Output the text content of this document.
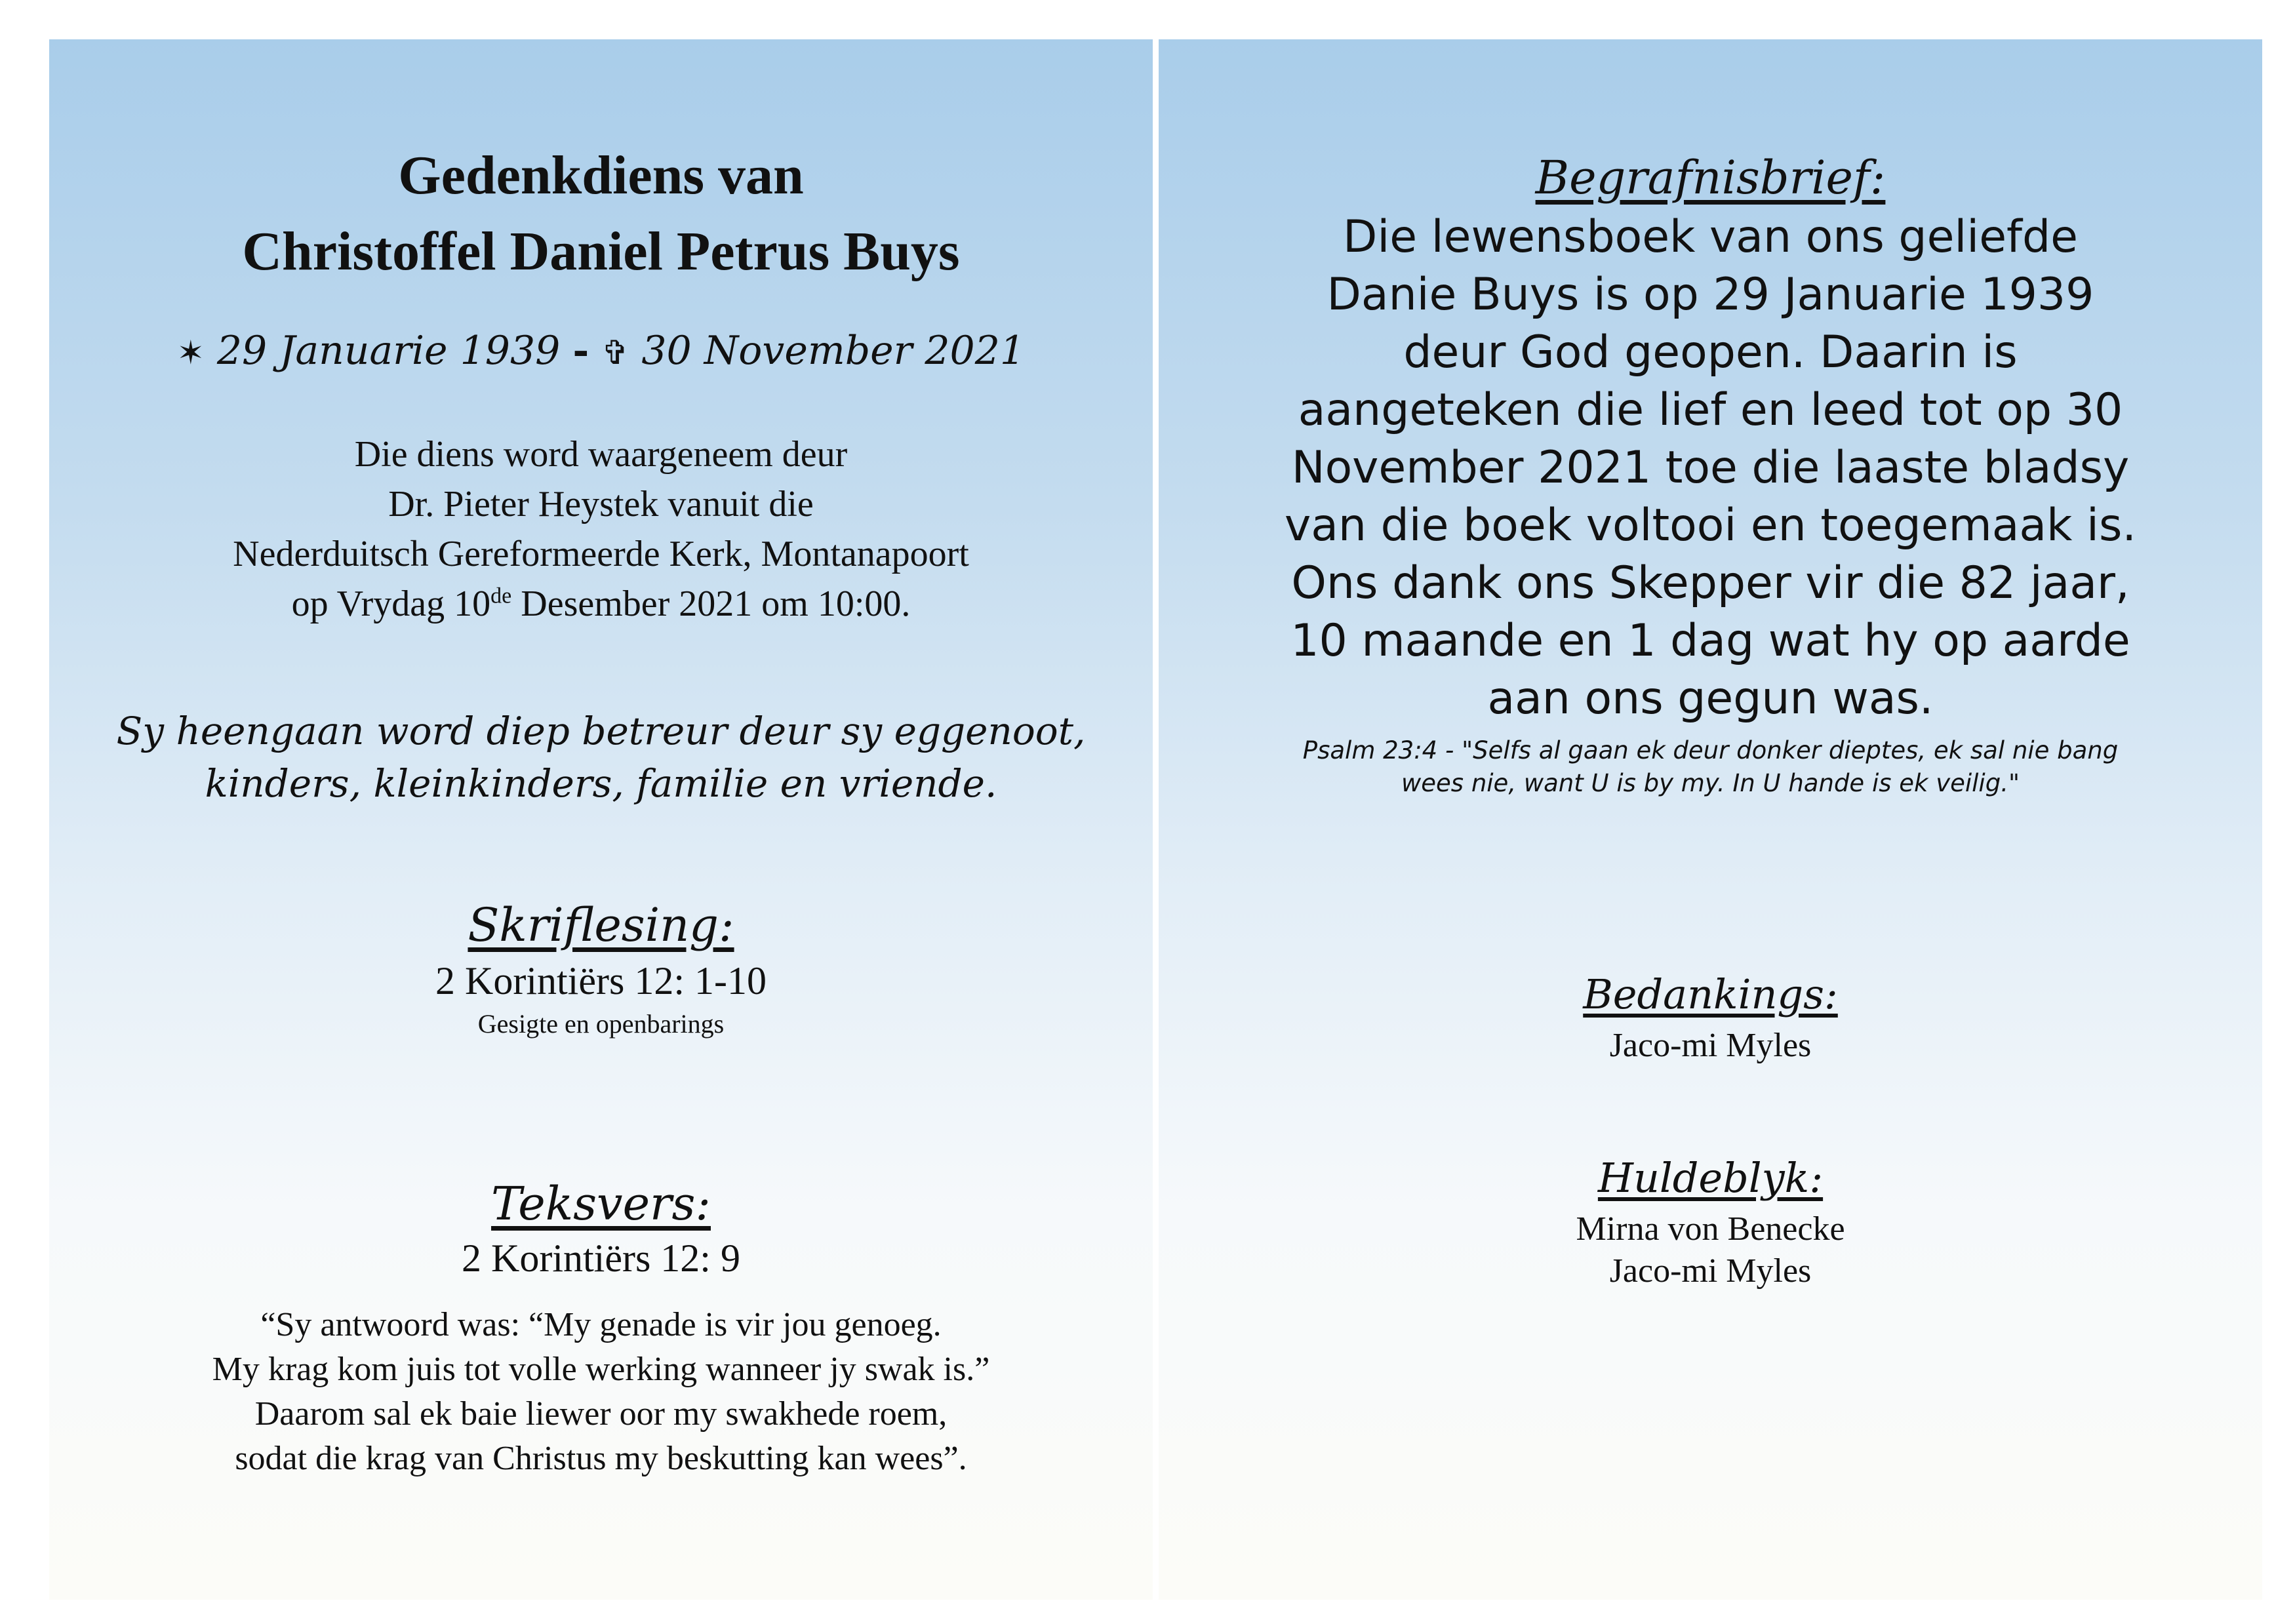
Gedenkdiens van
Christoffel Daniel Petrus Buys
✶ 29 Januarie 1939 - ✞ 30 November 2021
Die diens word waargeneem deur
Dr. Pieter Heystek vanuit die
Nederduitsch Gereformeerde Kerk, Montanapoort
op Vrydag 10de Desember 2021 om 10:00.
Sy heengaan word diep betreur deur sy eggenoot,
kinders, kleinkinders, familie en vriende.
Skriflesing:
2 Korintiërs 12: 1-10
Gesigte en openbarings
Teksvers:
2 Korintiërs 12: 9
“Sy antwoord was: “My genade is vir jou genoeg.
My krag kom juis tot volle werking wanneer jy swak is.”
Daarom sal ek baie liewer oor my swakhede roem,
sodat die krag van Christus my beskutting kan wees”.
Begrafnisbrief:
Die lewensboek van ons geliefde
Danie Buys is op 29 Januarie 1939
deur God geopen. Daarin is
aangeteken die lief en leed tot op 30
November 2021 toe die laaste bladsy
van die boek voltooi en toegemaak is.
Ons dank ons Skepper vir die 82 jaar,
10 maande en 1 dag wat hy op aarde
aan ons gegun was.
Psalm 23:4 - "Selfs al gaan ek deur donker dieptes, ek sal nie bang
wees nie, want U is by my. In U hande is ek veilig."
Bedankings:
Jaco-mi Myles
Huldeblyk:
Mirna von Benecke
Jaco-mi Myles
